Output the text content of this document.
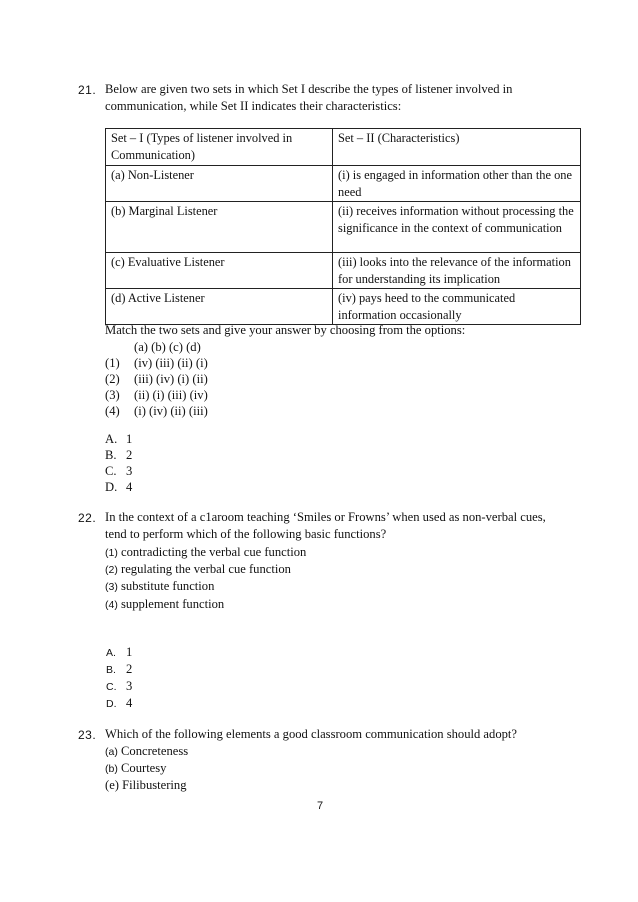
21. Below are given two sets in which Set I describe the types of listener involved in
communication, while Set II indicates their characteristics:
Set – I (Types of listener involved in Communication)	Set – II (Characteristics)
(a) Non-Listener	(i) is engaged in information other than the one need
(b) Marginal Listener	(ii) receives information without processing the significance in the context of communication
(c) Evaluative Listener	(iii) looks into the relevance of the information for understanding its implication
(d) Active Listener	(iv) pays heed to the communicated information occasionally
Match the two sets and give your answer by choosing from the options:
(a) (b) (c) (d)
(1) (iv) (iii) (ii) (i)
(2) (iii) (iv) (i) (ii)
(3) (ii) (i) (iii) (iv)
(4) (i) (iv) (ii) (iii)
A. 1
B. 2
C. 3
D. 4
22. In the context of a c1aroom teaching ‘Smiles or Frowns’ when used as non-verbal cues,
tend to perform which of the following basic functions?
(1) contradicting the verbal cue function
(2) regulating the verbal cue function
(3) substitute function
(4) supplement function
A. 1
B. 2
C. 3
D. 4
23. Which of the following elements a good classroom communication should adopt?
(a) Concreteness
(b) Courtesy
(e) Filibustering
7
